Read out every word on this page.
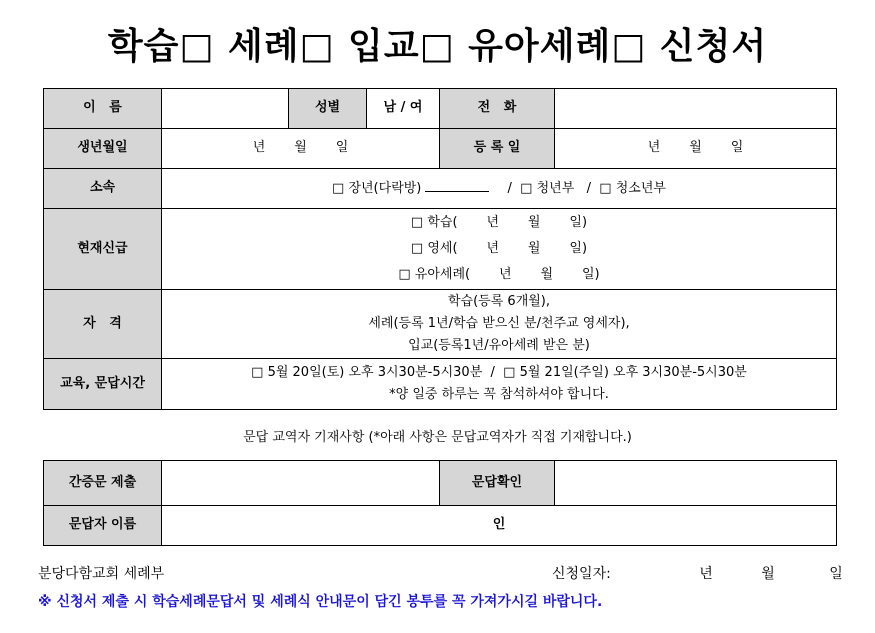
학습□ 세례□ 입교□ 유아세례□ 신청서
이   름		성별	남 / 여	전   화	
생년월일	년       월       일			등 록 일	년       월       일
소속	□ 장년(다락방) /  □ 청년부   /  □ 청소년부				
현재신급	□ 학습(       년       월       일)
□ 영세(       년       월       일)
□ 유아세례(       년       월       일)				

자   격	학습(등록 6개월),
세례(등록 1년/학습 받으신 분/천주교 영세자),
입교(등록1년/유아세례 받은 분)				

교육, 문답시간	□ 5월 20일(토) 오후 3시30분-5시30분  /  □ 5월 21일(주일) 오후 3시30분-5시30분
*양 일중 하루는 꼭 참석하셔야 합니다.				
문답 교역자 기재사항 (*아래 사항은 문답교역자가 직접 기재합니다.)
간증문 제출		문답확인	
문답자 이름	인		
분당다함교회 세례부	신청일자:	년	월	일
※ 신청서 제출 시 학습세례문답서 및 세례식 안내문이 담긴 봉투를 꼭 가져가시길 바랍니다.
